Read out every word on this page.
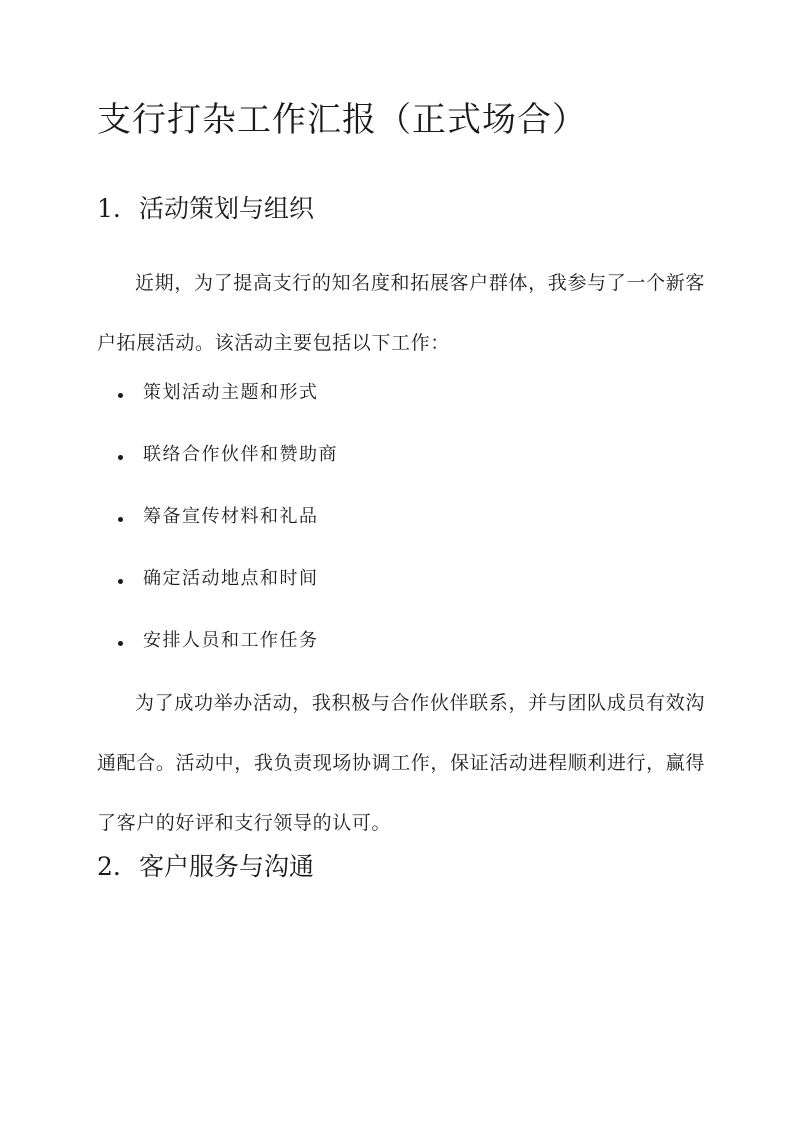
支行打杂工作汇报（正式场合）
1. 活动策划与组织

近期，为了提高支行的知名度和拓展客户群体，我参与了一个新客户拓展活动。该活动主要包括以下工作：

策划活动主题和形式
联络合作伙伴和赞助商
筹备宣传材料和礼品
确定活动地点和时间
安排人员和工作任务

为了成功举办活动，我积极与合作伙伴联系，并与团队成员有效沟通配合。活动中，我负责现场协调工作，保证活动进程顺利进行，赢得了客户的好评和支行领导的认可。

2. 客户服务与沟通
